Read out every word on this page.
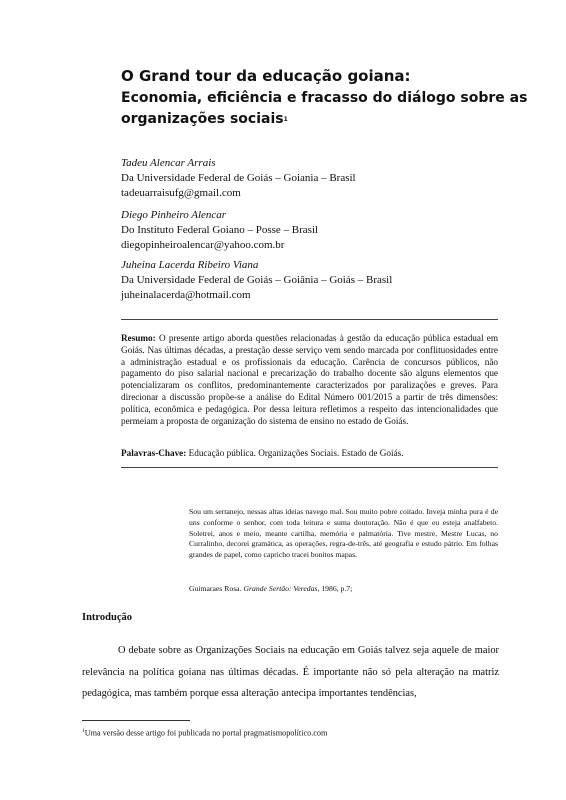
O Grand tour da educação goiana:
Economia, eficiência e fracasso do diálogo sobre as organizações sociais$^1$
Tadeu Alencar Arrais
Da Universidade Federal de Goiás – Goiania – Brasil
tadeuarraisufg@gmail.com
Diego Pinheiro Alencar
Do Instituto Federal Goiano – Posse – Brasil
diegopinheiroalencar@yahoo.com.br
Juheina Lacerda Ribeiro Viana
Da Universidade Federal de Goiás – Goiânia – Goiás – Brasil
juheinalacerda@hotmail.com

Resumo: O presente artigo aborda questões relacionadas à gestão da educação pública estadual em Goiás. Nas últimas décadas, a prestação desse serviço vem sendo marcada por conflituosidades entre a administração estadual e os profissionais da educação. Carência de concursos públicos, não pagamento do piso salarial nacional e precarização do trabalho docente são alguns elementos que potencializaram os conflitos, predominantemente caracterizados por paralizações e greves. Para direcionar a discussão propõe-se a análise do Edital Número 001/2015 a partir de três dimensões: política, econômica e pedagógica. Por dessa leitura refletimos a respeito das intencionalidades que permeiam a proposta de organização do sistema de ensino no estado de Goiás.

Palavras-Chave: Educação pública. Organizações Sociais. Estado de Goiás.

Sou um sertanejo, nessas altas ideias navego mal. Sou muito pobre coitado. Inveja minha pura é de uns conforme o senhor, com toda leitura e suma doutoração. Não é que eu esteja analfabeto. Soletrei, anos e meio, meante cartilha, memória e palmatória. Tive mestre, Mestre Lucas, no Curralinho, decorei gramática, as operações, regra-de-três, até geografia e estudo pátrio. Em folhas grandes de papel, como capricho tracei bonitos mapas.

Guimaraes Rosa. Grande Sertão: Veredas, 1986, p.7;

Introdução

O debate sobre as Organizações Sociais na educação em Goiás talvez seja aquele de maior relevância na política goiana nas últimas décadas. É importante não só pela alteração na matriz pedagógica, mas também porque essa alteração antecipa importantes tendências,

$^1$Uma versão desse artigo foi publicada no portal pragmatismopolítico.com
